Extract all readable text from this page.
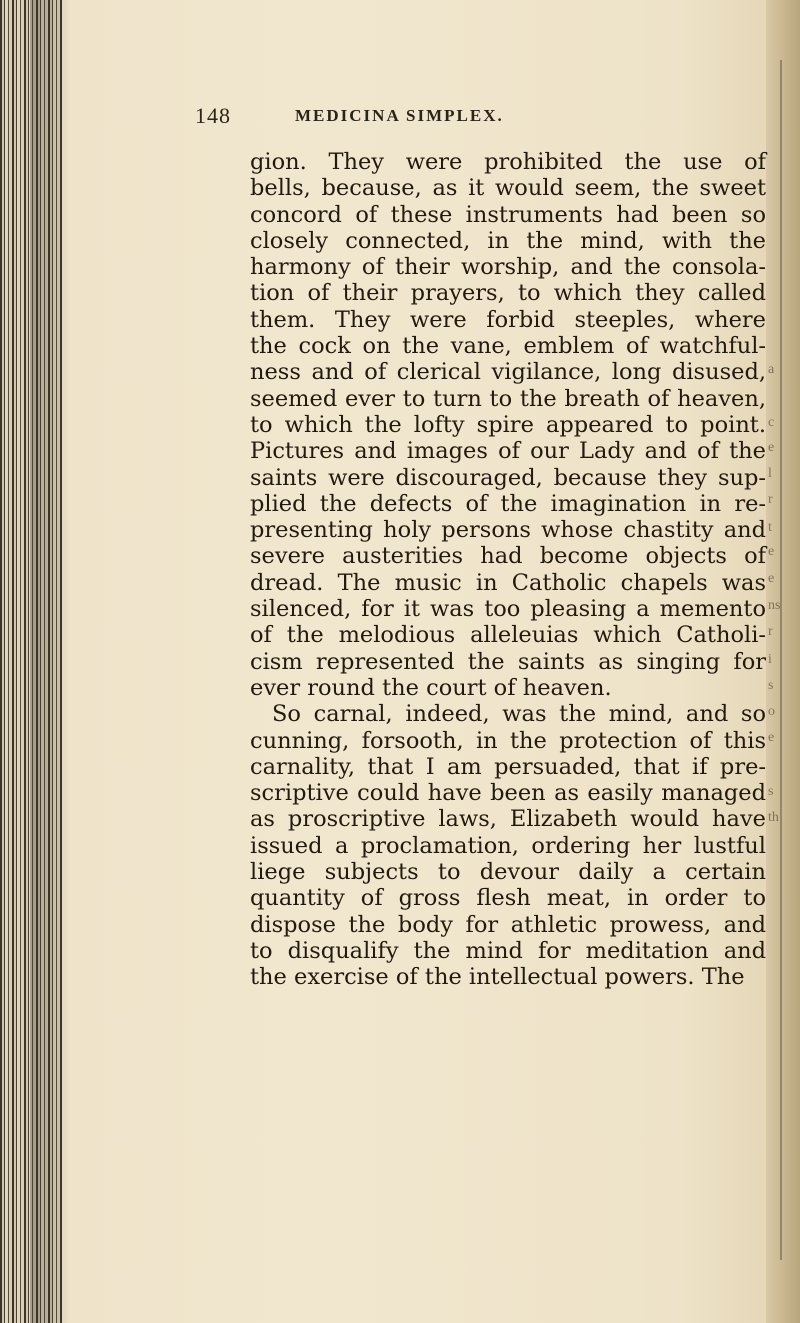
148	MEDICINA SIMPLEX.
gion. They were prohibited the use of
bells, because, as it would seem, the sweet
concord of these instruments had been so
closely connected, in the mind, with the
harmony of their worship, and the consola-
tion of their prayers, to which they called
them. They were forbid steeples, where
the cock on the vane, emblem of watchful-
ness and of clerical vigilance, long disused,
seemed ever to turn to the breath of heaven,
to which the lofty spire appeared to point.
Pictures and images of our Lady and of the
saints were discouraged, because they sup-
plied the defects of the imagination in re-
presenting holy persons whose chastity and
severe austerities had become objects of
dread. The music in Catholic chapels was
silenced, for it was too pleasing a memento
of the melodious alleleuias which Catholi-
cism represented the saints as singing for
ever round the court of heaven.
So carnal, indeed, was the mind, and so
cunning, forsooth, in the protection of this
carnality, that I am persuaded, that if pre-
scriptive could have been as easily managed
as proscriptive laws, Elizabeth would have
issued a proclamation, ordering her lustful
liege subjects to devour daily a certain
quantity of gross flesh meat, in order to
dispose the body for athletic prowess, and
to disqualify the mind for meditation and
the exercise of the intellectual powers. The
a
c
e
l
r
t
e
e
ns
r
i
s
o
e
s
th
